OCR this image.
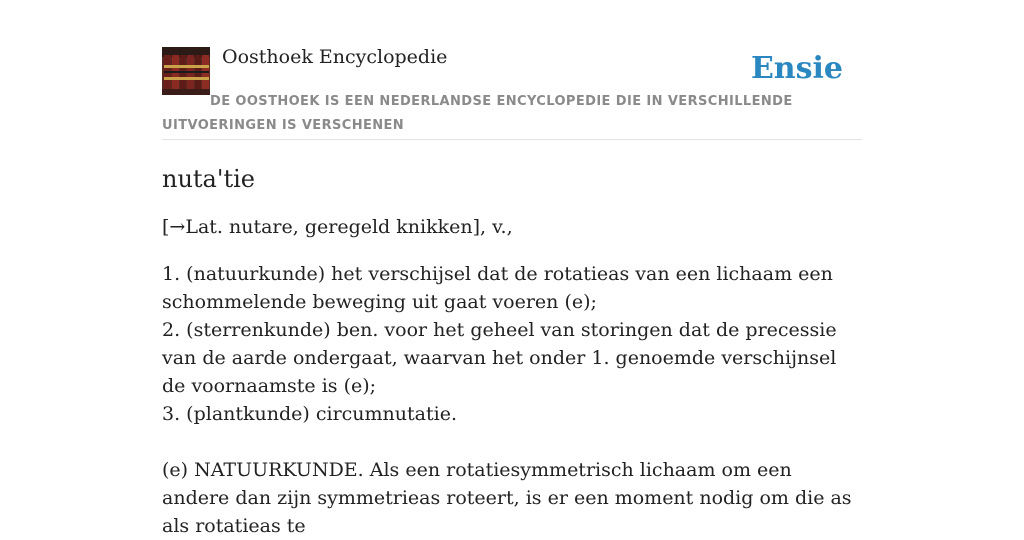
Oosthoek Encyclopedie	Ensie
DE OOSTHOEK IS EEN NEDERLANDSE ENCYCLOPEDIE DIE IN VERSCHILLENDE UITVOERINGEN IS VERSCHENEN
nuta'tie

[→Lat. nutare, geregeld knikken], v.,

1. (natuurkunde) het verschijsel dat de rotatieas van een lichaam een schommelende beweging uit gaat voeren (e);
2. (sterrenkunde) ben. voor het geheel van storingen dat de precessie van de aarde ondergaat, waarvan het onder 1. genoemde verschijnsel de voornaamste is (e);
3. (plantkunde) circumnutatie.
(e) NATUURKUNDE. Als een rotatiesymmetrisch lichaam om een andere dan zijn symmetrieas roteert, is er een moment nodig om die as als rotatieas te
